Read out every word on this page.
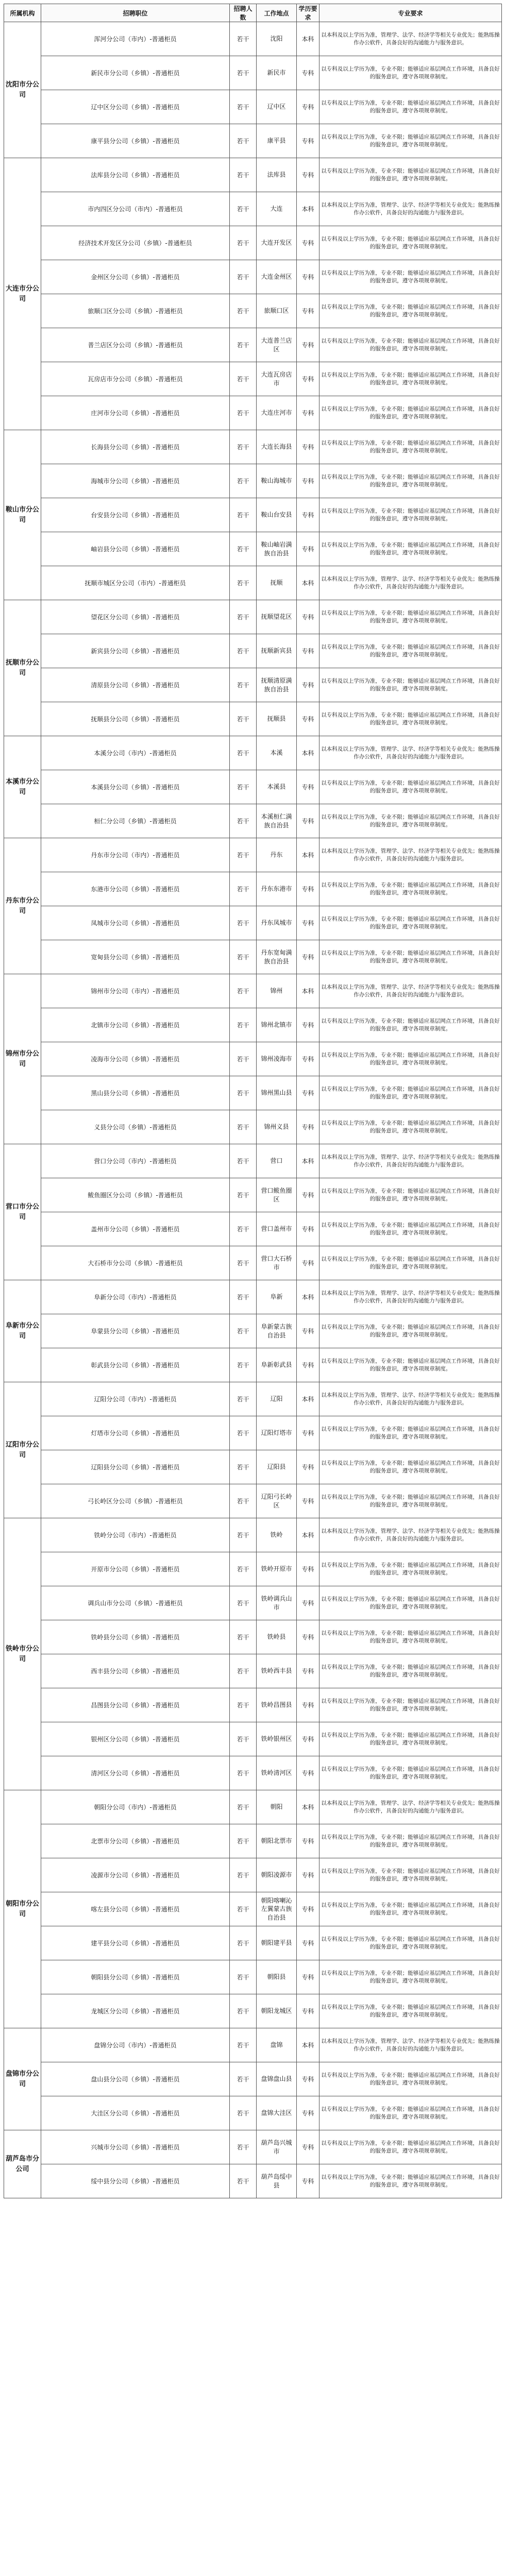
所属机构	招聘职位	招聘人数	工作地点	学历要求	专业要求
沈阳市分公司	浑河分公司（市内）-普通柜员	若干	沈阳	本科	以本科及以上学历为准，管理学、法学、经济学等相关专业优先；能熟练操作办公软件，具备良好的沟通能力与服务意识。
	新民市分公司（乡镇）-普通柜员	若干	新民市	专科	以专科及以上学历为准，专业不限；能够适应基层网点工作环境，具备良好的服务意识，遵守各项规章制度。
	辽中区分公司（乡镇）-普通柜员	若干	辽中区	专科	以专科及以上学历为准，专业不限；能够适应基层网点工作环境，具备良好的服务意识，遵守各项规章制度。
	康平县分公司（乡镇）-普通柜员	若干	康平县	专科	以专科及以上学历为准，专业不限；能够适应基层网点工作环境，具备良好的服务意识，遵守各项规章制度。
大连市分公司	法库县分公司（乡镇）-普通柜员	若干	法库县	专科	以专科及以上学历为准，专业不限；能够适应基层网点工作环境，具备良好的服务意识，遵守各项规章制度。
	市内四区分公司（市内）-普通柜员	若干	大连	本科	以本科及以上学历为准，管理学、法学、经济学等相关专业优先；能熟练操作办公软件，具备良好的沟通能力与服务意识。
	经济技术开发区分公司（乡镇）-普通柜员	若干	大连开发区	专科	以专科及以上学历为准，专业不限；能够适应基层网点工作环境，具备良好的服务意识，遵守各项规章制度。
	金州区分公司（乡镇）-普通柜员	若干	大连金州区	专科	以专科及以上学历为准，专业不限；能够适应基层网点工作环境，具备良好的服务意识，遵守各项规章制度。
	旅顺口区分公司（乡镇）-普通柜员	若干	旅顺口区	专科	以专科及以上学历为准，专业不限；能够适应基层网点工作环境，具备良好的服务意识，遵守各项规章制度。
	普兰店区分公司（乡镇）-普通柜员	若干	大连普兰店区	专科	以专科及以上学历为准，专业不限；能够适应基层网点工作环境，具备良好的服务意识，遵守各项规章制度。
	瓦房店市分公司（乡镇）-普通柜员	若干	大连瓦房店市	专科	以专科及以上学历为准，专业不限；能够适应基层网点工作环境，具备良好的服务意识，遵守各项规章制度。
	庄河市分公司（乡镇）-普通柜员	若干	大连庄河市	专科	以专科及以上学历为准，专业不限；能够适应基层网点工作环境，具备良好的服务意识，遵守各项规章制度。
鞍山市分公司	长海县分公司（乡镇）-普通柜员	若干	大连长海县	专科	以专科及以上学历为准，专业不限；能够适应基层网点工作环境，具备良好的服务意识，遵守各项规章制度。
	海城市分公司（乡镇）-普通柜员	若干	鞍山海城市	专科	以专科及以上学历为准，专业不限；能够适应基层网点工作环境，具备良好的服务意识，遵守各项规章制度。
	台安县分公司（乡镇）-普通柜员	若干	鞍山台安县	专科	以专科及以上学历为准，专业不限；能够适应基层网点工作环境，具备良好的服务意识，遵守各项规章制度。
	岫岩县分公司（乡镇）-普通柜员	若干	鞍山岫岩满族自治县	专科	以专科及以上学历为准，专业不限；能够适应基层网点工作环境，具备良好的服务意识，遵守各项规章制度。
	抚顺市城区分公司（市内）-普通柜员	若干	抚顺	本科	以本科及以上学历为准，管理学、法学、经济学等相关专业优先；能熟练操作办公软件，具备良好的沟通能力与服务意识。
抚顺市分公司	望花区分公司（乡镇）-普通柜员	若干	抚顺望花区	专科	以专科及以上学历为准，专业不限；能够适应基层网点工作环境，具备良好的服务意识，遵守各项规章制度。
	新宾县分公司（乡镇）-普通柜员	若干	抚顺新宾县	专科	以专科及以上学历为准，专业不限；能够适应基层网点工作环境，具备良好的服务意识，遵守各项规章制度。
	清原县分公司（乡镇）-普通柜员	若干	抚顺清原满族自治县	专科	以专科及以上学历为准，专业不限；能够适应基层网点工作环境，具备良好的服务意识，遵守各项规章制度。
	抚顺县分公司（乡镇）-普通柜员	若干	抚顺县	专科	以专科及以上学历为准，专业不限；能够适应基层网点工作环境，具备良好的服务意识，遵守各项规章制度。
本溪市分公司	本溪分公司（市内）-普通柜员	若干	本溪	本科	以本科及以上学历为准，管理学、法学、经济学等相关专业优先；能熟练操作办公软件，具备良好的沟通能力与服务意识。
	本溪县分公司（乡镇）-普通柜员	若干	本溪县	专科	以专科及以上学历为准，专业不限；能够适应基层网点工作环境，具备良好的服务意识，遵守各项规章制度。
	桓仁分公司（乡镇）-普通柜员	若干	本溪桓仁满族自治县	专科	以专科及以上学历为准，专业不限；能够适应基层网点工作环境，具备良好的服务意识，遵守各项规章制度。
丹东市分公司	丹东市分公司（市内）-普通柜员	若干	丹东	本科	以本科及以上学历为准，管理学、法学、经济学等相关专业优先；能熟练操作办公软件，具备良好的沟通能力与服务意识。
	东港市分公司（乡镇）-普通柜员	若干	丹东东港市	专科	以专科及以上学历为准，专业不限；能够适应基层网点工作环境，具备良好的服务意识，遵守各项规章制度。
	凤城市分公司（乡镇）-普通柜员	若干	丹东凤城市	专科	以专科及以上学历为准，专业不限；能够适应基层网点工作环境，具备良好的服务意识，遵守各项规章制度。
	宽甸县分公司（乡镇）-普通柜员	若干	丹东宽甸满族自治县	专科	以专科及以上学历为准，专业不限；能够适应基层网点工作环境，具备良好的服务意识，遵守各项规章制度。
锦州市分公司	锦州市分公司（市内）-普通柜员	若干	锦州	本科	以本科及以上学历为准，管理学、法学、经济学等相关专业优先；能熟练操作办公软件，具备良好的沟通能力与服务意识。
	北镇市分公司（乡镇）-普通柜员	若干	锦州北镇市	专科	以专科及以上学历为准，专业不限；能够适应基层网点工作环境，具备良好的服务意识，遵守各项规章制度。
	凌海市分公司（乡镇）-普通柜员	若干	锦州凌海市	专科	以专科及以上学历为准，专业不限；能够适应基层网点工作环境，具备良好的服务意识，遵守各项规章制度。
	黑山县分公司（乡镇）-普通柜员	若干	锦州黑山县	专科	以专科及以上学历为准，专业不限；能够适应基层网点工作环境，具备良好的服务意识，遵守各项规章制度。
	义县分公司（乡镇）-普通柜员	若干	锦州义县	专科	以专科及以上学历为准，专业不限；能够适应基层网点工作环境，具备良好的服务意识，遵守各项规章制度。
营口市分公司	营口分公司（市内）-普通柜员	若干	营口	本科	以本科及以上学历为准，管理学、法学、经济学等相关专业优先；能熟练操作办公软件，具备良好的沟通能力与服务意识。
	鲅鱼圈区分公司（乡镇）-普通柜员	若干	营口鲅鱼圈区	专科	以专科及以上学历为准，专业不限；能够适应基层网点工作环境，具备良好的服务意识，遵守各项规章制度。
	盖州市分公司（乡镇）-普通柜员	若干	营口盖州市	专科	以专科及以上学历为准，专业不限；能够适应基层网点工作环境，具备良好的服务意识，遵守各项规章制度。
	大石桥市分公司（乡镇）-普通柜员	若干	营口大石桥市	专科	以专科及以上学历为准，专业不限；能够适应基层网点工作环境，具备良好的服务意识，遵守各项规章制度。
阜新市分公司	阜新分公司（市内）-普通柜员	若干	阜新	本科	以本科及以上学历为准，管理学、法学、经济学等相关专业优先；能熟练操作办公软件，具备良好的沟通能力与服务意识。
	阜蒙县分公司（乡镇）-普通柜员	若干	阜新蒙古族自治县	专科	以专科及以上学历为准，专业不限；能够适应基层网点工作环境，具备良好的服务意识，遵守各项规章制度。
	彰武县分公司（乡镇）-普通柜员	若干	阜新彰武县	专科	以专科及以上学历为准，专业不限；能够适应基层网点工作环境，具备良好的服务意识，遵守各项规章制度。
辽阳市分公司	辽阳分公司（市内）-普通柜员	若干	辽阳	本科	以本科及以上学历为准，管理学、法学、经济学等相关专业优先；能熟练操作办公软件，具备良好的沟通能力与服务意识。
	灯塔市分公司（乡镇）-普通柜员	若干	辽阳灯塔市	专科	以专科及以上学历为准，专业不限；能够适应基层网点工作环境，具备良好的服务意识，遵守各项规章制度。
	辽阳县分公司（乡镇）-普通柜员	若干	辽阳县	专科	以专科及以上学历为准，专业不限；能够适应基层网点工作环境，具备良好的服务意识，遵守各项规章制度。
	弓长岭区分公司（乡镇）-普通柜员	若干	辽阳弓长岭区	专科	以专科及以上学历为准，专业不限；能够适应基层网点工作环境，具备良好的服务意识，遵守各项规章制度。
铁岭市分公司	铁岭分公司（市内）-普通柜员	若干	铁岭	本科	以本科及以上学历为准，管理学、法学、经济学等相关专业优先；能熟练操作办公软件，具备良好的沟通能力与服务意识。
	开原市分公司（乡镇）-普通柜员	若干	铁岭开原市	专科	以专科及以上学历为准，专业不限；能够适应基层网点工作环境，具备良好的服务意识，遵守各项规章制度。
	调兵山市分公司（乡镇）-普通柜员	若干	铁岭调兵山市	专科	以专科及以上学历为准，专业不限；能够适应基层网点工作环境，具备良好的服务意识，遵守各项规章制度。
	铁岭县分公司（乡镇）-普通柜员	若干	铁岭县	专科	以专科及以上学历为准，专业不限；能够适应基层网点工作环境，具备良好的服务意识，遵守各项规章制度。
	西丰县分公司（乡镇）-普通柜员	若干	铁岭西丰县	专科	以专科及以上学历为准，专业不限；能够适应基层网点工作环境，具备良好的服务意识，遵守各项规章制度。
	昌图县分公司（乡镇）-普通柜员	若干	铁岭昌图县	专科	以专科及以上学历为准，专业不限；能够适应基层网点工作环境，具备良好的服务意识，遵守各项规章制度。
	银州区分公司（乡镇）-普通柜员	若干	铁岭银州区	专科	以专科及以上学历为准，专业不限；能够适应基层网点工作环境，具备良好的服务意识，遵守各项规章制度。
	清河区分公司（乡镇）-普通柜员	若干	铁岭清河区	专科	以专科及以上学历为准，专业不限；能够适应基层网点工作环境，具备良好的服务意识，遵守各项规章制度。
朝阳市分公司	朝阳分公司（市内）-普通柜员	若干	朝阳	本科	以本科及以上学历为准，管理学、法学、经济学等相关专业优先；能熟练操作办公软件，具备良好的沟通能力与服务意识。
	北票市分公司（乡镇）-普通柜员	若干	朝阳北票市	专科	以专科及以上学历为准，专业不限；能够适应基层网点工作环境，具备良好的服务意识，遵守各项规章制度。
	凌源市分公司（乡镇）-普通柜员	若干	朝阳凌源市	专科	以专科及以上学历为准，专业不限；能够适应基层网点工作环境，具备良好的服务意识，遵守各项规章制度。
	喀左县分公司（乡镇）-普通柜员	若干	朝阳喀喇沁左翼蒙古族自治县	专科	以专科及以上学历为准，专业不限；能够适应基层网点工作环境，具备良好的服务意识，遵守各项规章制度。
	建平县分公司（乡镇）-普通柜员	若干	朝阳建平县	专科	以专科及以上学历为准，专业不限；能够适应基层网点工作环境，具备良好的服务意识，遵守各项规章制度。
	朝阳县分公司（乡镇）-普通柜员	若干	朝阳县	专科	以专科及以上学历为准，专业不限；能够适应基层网点工作环境，具备良好的服务意识，遵守各项规章制度。
	龙城区分公司（乡镇）-普通柜员	若干	朝阳龙城区	专科	以专科及以上学历为准，专业不限；能够适应基层网点工作环境，具备良好的服务意识，遵守各项规章制度。
盘锦市分公司	盘锦分公司（市内）-普通柜员	若干	盘锦	本科	以本科及以上学历为准，管理学、法学、经济学等相关专业优先；能熟练操作办公软件，具备良好的沟通能力与服务意识。
	盘山县分公司（乡镇）-普通柜员	若干	盘锦盘山县	专科	以专科及以上学历为准，专业不限；能够适应基层网点工作环境，具备良好的服务意识，遵守各项规章制度。
	大洼区分公司（乡镇）-普通柜员	若干	盘锦大洼区	专科	以专科及以上学历为准，专业不限；能够适应基层网点工作环境，具备良好的服务意识，遵守各项规章制度。
葫芦岛市分公司	兴城市分公司（乡镇）-普通柜员	若干	葫芦岛兴城市	专科	以专科及以上学历为准，专业不限；能够适应基层网点工作环境，具备良好的服务意识，遵守各项规章制度。
	绥中县分公司（乡镇）-普通柜员	若干	葫芦岛绥中县	专科	以专科及以上学历为准，专业不限；能够适应基层网点工作环境，具备良好的服务意识，遵守各项规章制度。
